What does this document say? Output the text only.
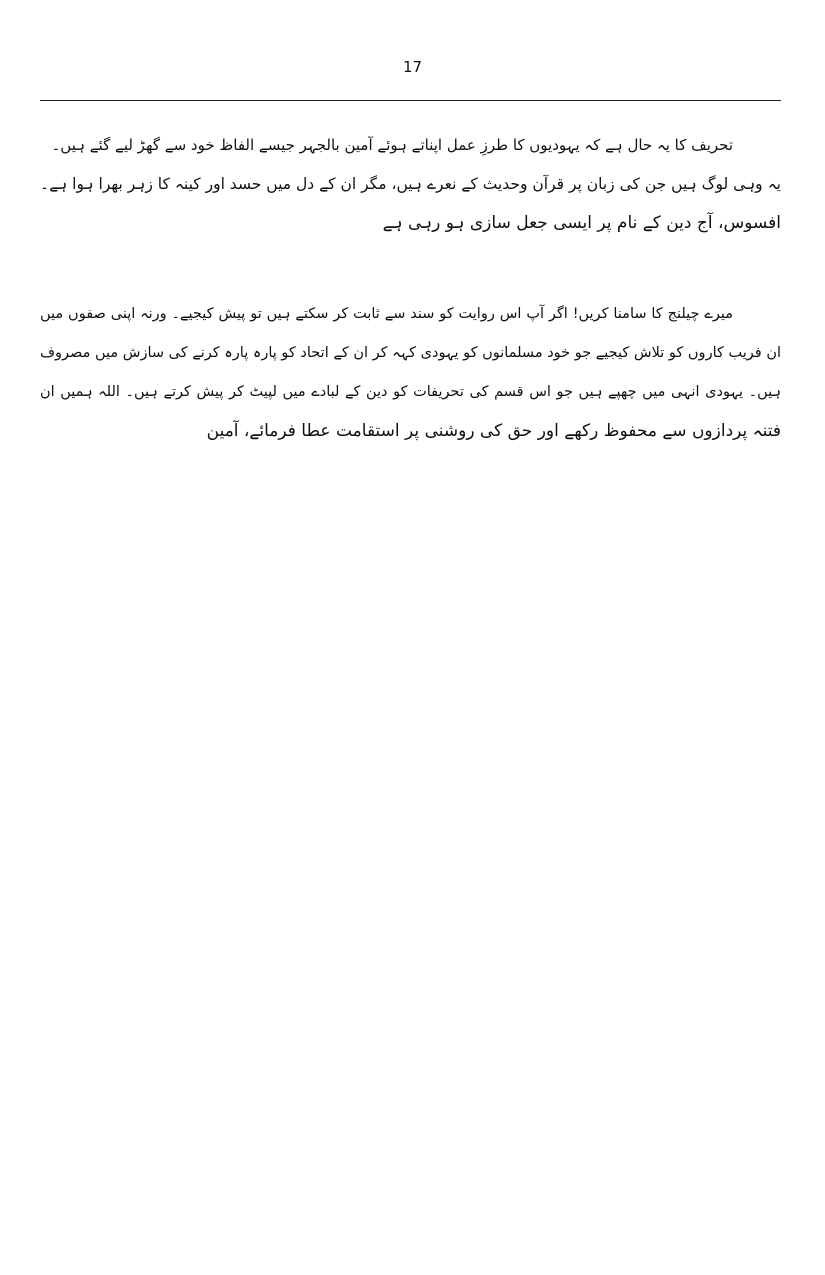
17
تحریف کا یہ حال ہے کہ یہودیوں کا طرزِ عمل اپناتے ہوئے آمین بالجہر جیسے الفاظ خود سے گھڑ لیے گئے ہیں۔
یہ وہی لوگ ہیں جن کی زبان پر قرآن وحدیث کے نعرے ہیں، مگر ان کے دل میں حسد اور کینہ کا زہر بھرا ہوا ہے۔
افسوس، آج دین کے نام پر ایسی جعل سازی ہو رہی ہے
میرے چیلنج کا سامنا کریں! اگر آپ اس روایت کو سند سے ثابت کر سکتے ہیں تو پیش کیجیے۔ ورنہ اپنی صفوں میں
ان فریب کاروں کو تلاش کیجیے جو خود مسلمانوں کو یہودی کہہ کر ان کے اتحاد کو پارہ پارہ کرنے کی سازش میں مصروف
ہیں۔ یہودی انہی میں چھپے ہیں جو اس قسم کی تحریفات کو دین کے لبادے میں لپیٹ کر پیش کرتے ہیں۔ اللہ ہمیں ان
فتنہ پردازوں سے محفوظ رکھے اور حق کی روشنی پر استقامت عطا فرمائے، آمین
